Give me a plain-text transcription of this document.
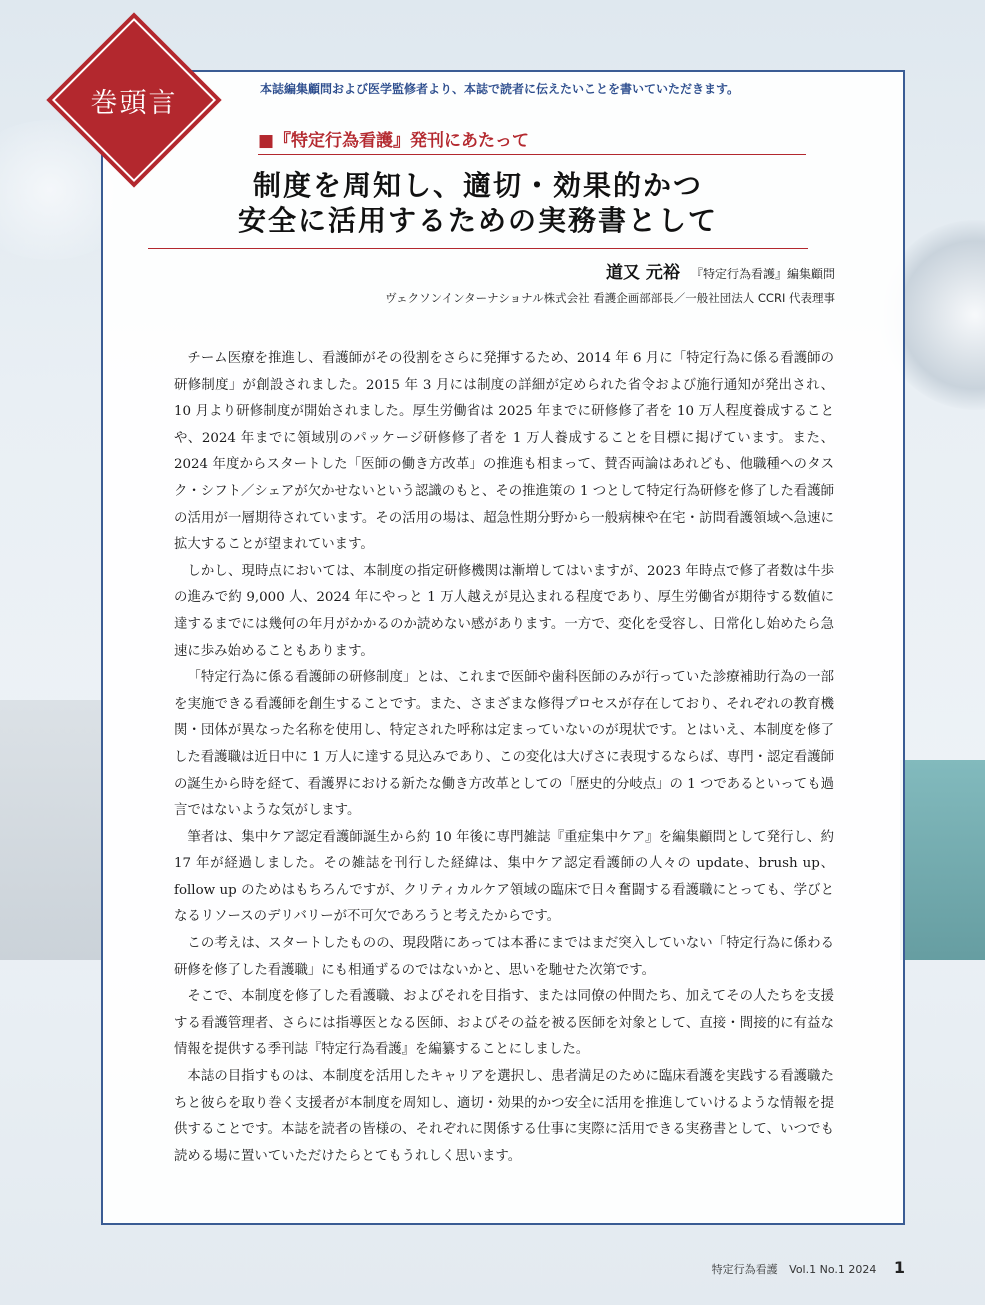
巻頭言	本誌編集顧問および医学監修者より、本誌で読者に伝えたいことを書いていただきます。
■『特定行為看護』発刊にあたって
制度を周知し、適切・効果的かつ
安全に活用するための実務書として
道又 元裕 『特定行為看護』編集顧問
ヴェクソンインターナショナル株式会社 看護企画部部長／一般社団法人 CCRI 代表理事

チーム医療を推進し、看護師がその役割をさらに発揮するため、2014 年 6 月に「特定行為に係る看護師の研修制度」が創設されました。2015 年 3 月には制度の詳細が定められた省令および施行通知が発出され、10 月より研修制度が開始されました。厚生労働省は 2025 年までに研修修了者を 10 万人程度養成することや、2024 年までに領域別のパッケージ研修修了者を 1 万人養成することを目標に掲げています。また、2024 年度からスタートした「医師の働き方改革」の推進も相まって、賛否両論はあれども、他職種へのタスク・シフト／シェアが欠かせないという認識のもと、その推進策の 1 つとして特定行為研修を修了した看護師の活用が一層期待されています。その活用の場は、超急性期分野から一般病棟や在宅・訪問看護領域へ急速に拡大することが望まれています。

しかし、現時点においては、本制度の指定研修機関は漸増してはいますが、2023 年時点で修了者数は牛歩の進みで約 9,000 人、2024 年にやっと 1 万人越えが見込まれる程度であり、厚生労働省が期待する数値に達するまでには幾何の年月がかかるのか読めない感があります。一方で、変化を受容し、日常化し始めたら急速に歩み始めることもあります。

「特定行為に係る看護師の研修制度」とは、これまで医師や歯科医師のみが行っていた診療補助行為の一部を実施できる看護師を創生することです。また、さまざまな修得プロセスが存在しており、それぞれの教育機関・団体が異なった名称を使用し、特定された呼称は定まっていないのが現状です。とはいえ、本制度を修了した看護職は近日中に 1 万人に達する見込みであり、この変化は大げさに表現するならば、専門・認定看護師の誕生から時を経て、看護界における新たな働き方改革としての「歴史的分岐点」の 1 つであるといっても過言ではないような気がします。

筆者は、集中ケア認定看護師誕生から約 10 年後に専門雑誌『重症集中ケア』を編集顧問として発行し、約 17 年が経過しました。その雑誌を刊行した経緯は、集中ケア認定看護師の人々の update、brush up、follow up のためはもちろんですが、クリティカルケア領域の臨床で日々奮闘する看護職にとっても、学びとなるリソースのデリバリーが不可欠であろうと考えたからです。

この考えは、スタートしたものの、現段階にあっては本番にまではまだ突入していない「特定行為に係わる研修を修了した看護職」にも相通ずるのではないかと、思いを馳せた次第です。

そこで、本制度を修了した看護職、およびそれを目指す、または同僚の仲間たち、加えてその人たちを支援する看護管理者、さらには指導医となる医師、およびその益を被る医師を対象として、直接・間接的に有益な情報を提供する季刊誌『特定行為看護』を編纂することにしました。

本誌の目指すものは、本制度を活用したキャリアを選択し、患者満足のために臨床看護を実践する看護職たちと彼らを取り巻く支援者が本制度を周知し、適切・効果的かつ安全に活用を推進していけるような情報を提供することです。本誌を読者の皆様の、それぞれに関係する仕事に実際に活用できる実務書として、いつでも読める場に置いていただけたらとてもうれしく思います。

特定行為看護 Vol.1 No.1 2024 1
